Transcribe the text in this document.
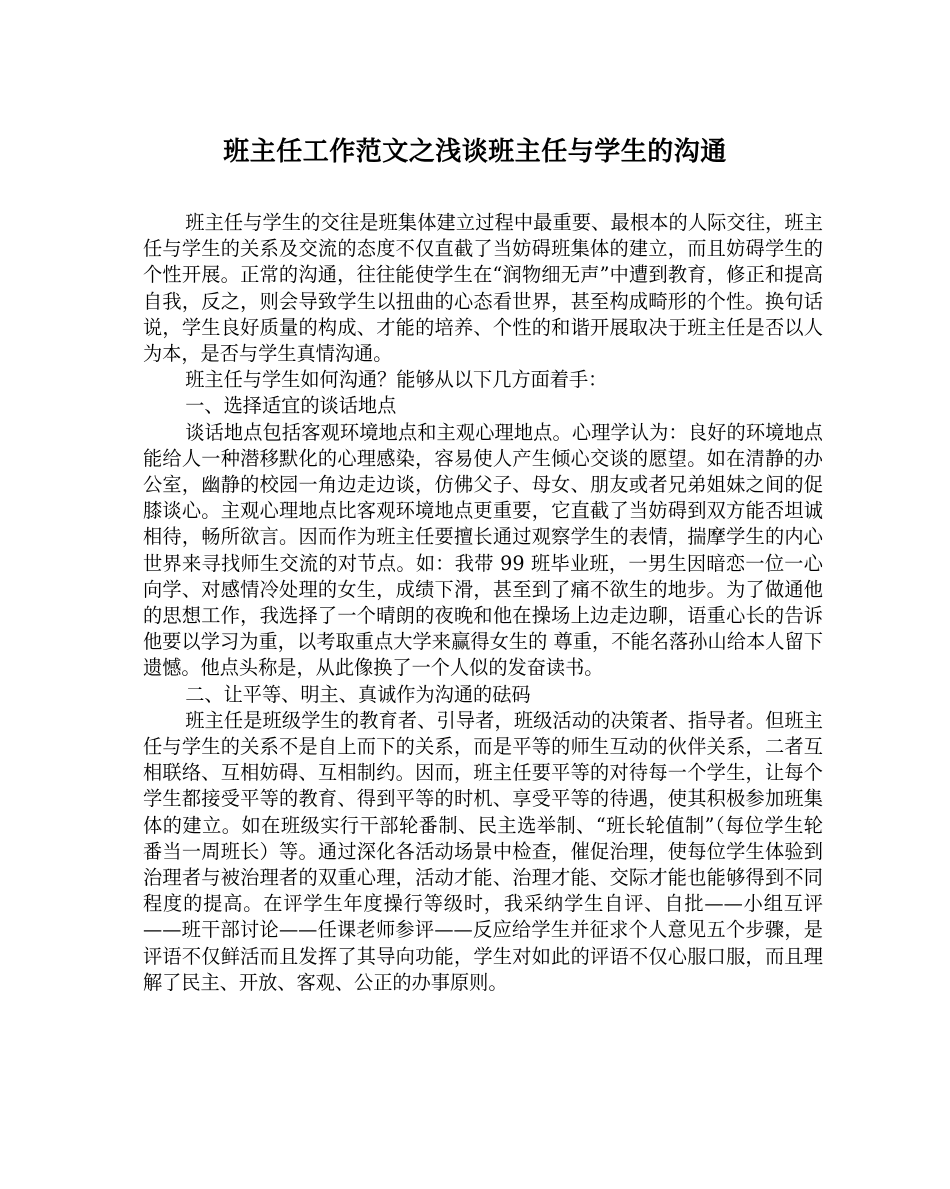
班主任工作范文之浅谈班主任与学生的沟通

班主任与学生的交往是班集体建立过程中最重要、最根本的人际交往，班主任与学生的关系及交流的态度不仅直截了当妨碍班集体的建立，而且妨碍学生的个性开展。正常的沟通，往往能使学生在“润物细无声”中遭到教育，修正和提高自我，反之，则会导致学生以扭曲的心态看世界，甚至构成畸形的个性。换句话说，学生良好质量的构成、才能的培养、个性的和谐开展取决于班主任是否以人为本，是否与学生真情沟通。

班主任与学生如何沟通？能够从以下几方面着手：

一、选择适宜的谈话地点

谈话地点包括客观环境地点和主观心理地点。心理学认为：良好的环境地点能给人一种潜移默化的心理感染，容易使人产生倾心交谈的愿望。如在清静的办公室，幽静的校园一角边走边谈，仿佛父子、母女、朋友或者兄弟姐妹之间的促膝谈心。主观心理地点比客观环境地点更重要，它直截了当妨碍到双方能否坦诚相待，畅所欲言。因而作为班主任要擅长通过观察学生的表情，揣摩学生的内心世界来寻找师生交流的对节点。如：我带 99 班毕业班，一男生因暗恋一位一心向学、对感情冷处理的女生，成绩下滑，甚至到了痛不欲生的地步。为了做通他的思想工作，我选择了一个晴朗的夜晚和他在操场上边走边聊，语重心长的告诉他要以学习为重，以考取重点大学来赢得女生的 尊重，不能名落孙山给本人留下遗憾。他点头称是，从此像换了一个人似的发奋读书。

二、让平等、明主、真诚作为沟通的砝码

班主任是班级学生的教育者、引导者，班级活动的决策者、指导者。但班主任与学生的关系不是自上而下的关系，而是平等的师生互动的伙伴关系，二者互相联络、互相妨碍、互相制约。因而，班主任要平等的对待每一个学生，让每个学生都接受平等的教育、得到平等的时机、享受平等的待遇，使其积极参加班集体的建立。如在班级实行干部轮番制、民主选举制、“班长轮值制”（每位学生轮番当一周班长）等。通过深化各活动场景中检查，催促治理，使每位学生体验到治理者与被治理者的双重心理，活动才能、治理才能、交际才能也能够得到不同程度的提高。在评学生年度操行等级时，我采纳学生自评、自批——小组互评——班干部讨论——任课老师参评——反应给学生并征求个人意见五个步骤，是评语不仅鲜活而且发挥了其导向功能，学生对如此的评语不仅心服口服，而且理解了民主、开放、客观、公正的办事原则。
